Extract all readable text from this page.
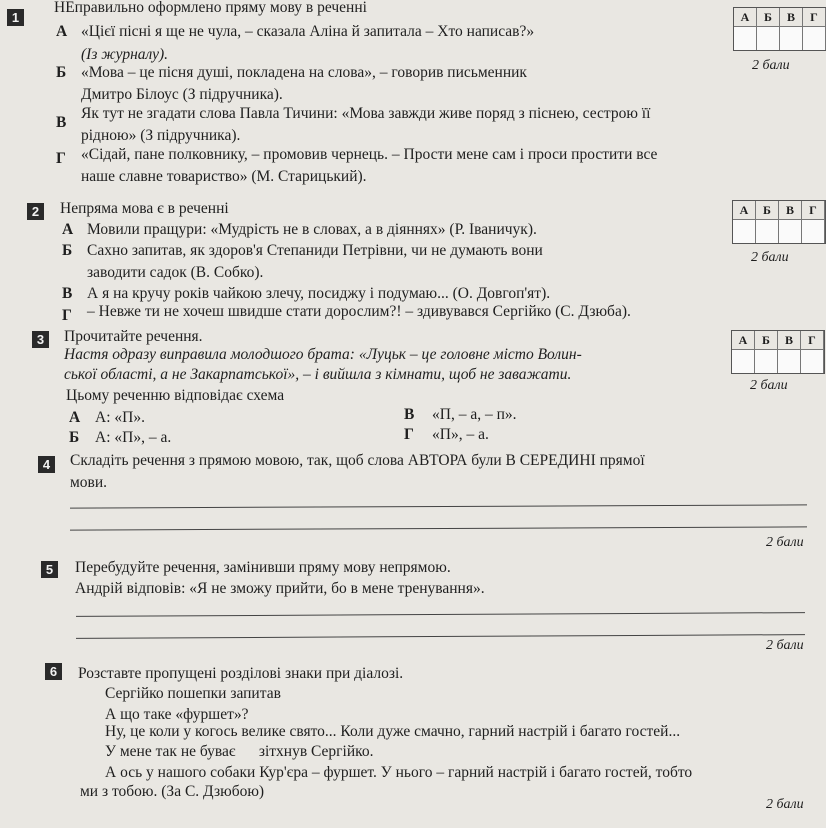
1
НЕправильно оформлено пряму мову в реченні
А «Цієї пісні я ще не чула, – сказала Аліна й запитала – Хто написав?»
(Із журналу).
Б «Мова – це пісня душі, покладена на слова», – говорив письменник
Дмитро Білоус (З підручника).
В
Як тут не згадати слова Павла Тичини: «Мова завжди живе поряд з піснею, сестрою її
рідною» (З підручника).
Г «Сідай, пане полковнику, – промовив чернець. – Прости мене сам і проси простити все
наше славне товариство» (М. Старицький).
А	Б	В	Г
2 бали
2	Непряма мова є в реченні
А Мовили пращури: «Мудрість не в словах, а в діяннях» (Р. Іваничук).
Б Сахно запитав, як здоров'я Степаниди Петрівни, чи не думають вони
заводити садок (В. Собко).
В А я на кручу років чайкою злечу, посиджу і подумаю... (О. Довгоп'ят).
Г – Невже ти не хочеш швидше стати дорослим?! – здивувався Сергійко (С. Дзюба).
А	Б	В	Г
2 бали
3	Прочитайте речення.
Настя одразу виправила молодшого брата: «Луцьк – це головне місто Волин-
ської області, а не Закарпатської», – і вийшла з кімнати, щоб не заважати.
Цьому реченню відповідає схема
А А: «П».
Б А: «П», – а.
В «П, – а, – п».
Г «П», – а.
А	Б	В	Г
2 бали
4	Складіть речення з прямою мовою, так, щоб слова АВТОРА були В СЕРЕДИНІ прямої
мови.
2 бали
5	Перебудуйте речення, замінивши пряму мову непрямою.
Андрій відповів: «Я не зможу прийти, бо в мене тренування».
2 бали
6	Розставте пропущені розділові знаки при діалозі.
Сергійко пошепки запитав
А що таке «фуршет»?
Ну, це коли у когось велике свято... Коли дуже смачно, гарний настрій і багато гостей...
У мене так не буває      зітхнув Сергійко.
А ось у нашого собаки Кур'єра – фуршет. У нього – гарний настрій і багато гостей, тобто
ми з тобою. (За С. Дзюбою)
2 бали
